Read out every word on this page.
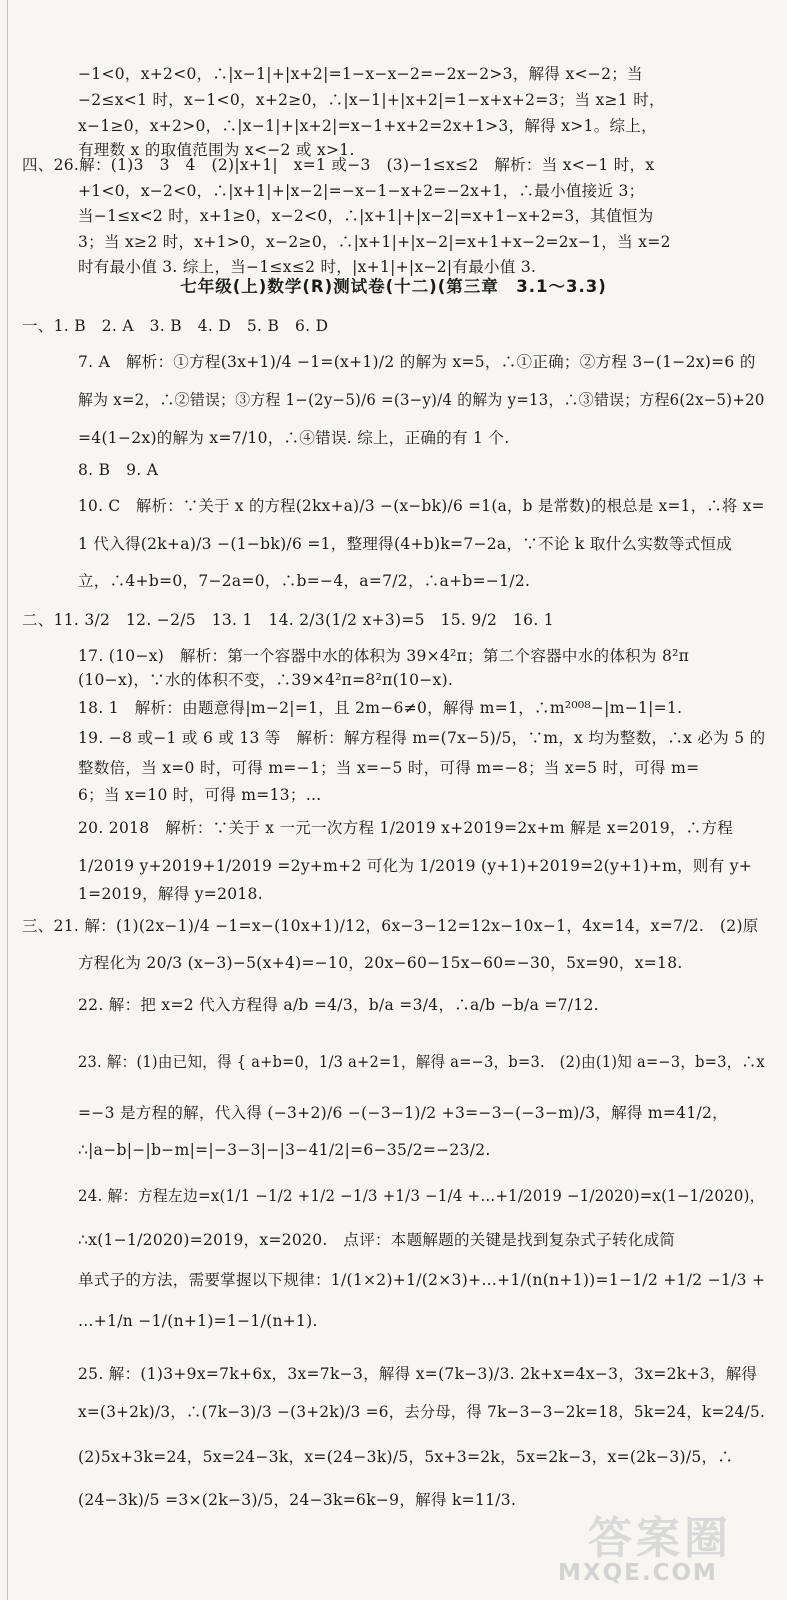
七年级(上)数学(R)测试卷(十二)(第三章　3.1～3.3)
−1<0，x+2<0，∴|x−1|+|x+2|=1−x−x−2=−2x−2>3，解得 x<−2；当
−2≤x<1 时，x−1<0，x+2≥0，∴|x−1|+|x+2|=1−x+x+2=3；当 x≥1 时，
x−1≥0，x+2>0，∴|x−1|+|x+2|=x−1+x+2=2x+1>3，解得 x>1。综上，
有理数 x 的取值范围为 x<−2 或 x>1.
四、26.解：(1)3　3　4　(2)|x+1|　x=1 或−3　(3)−1≤x≤2　解析：当 x<−1 时，x
+1<0，x−2<0，∴|x+1|+|x−2|=−x−1−x+2=−2x+1，∴最小值接近 3；
当−1≤x<2 时，x+1≥0，x−2<0，∴|x+1|+|x−2|=x+1−x+2=3，其值恒为
3；当 x≥2 时，x+1>0，x−2≥0，∴|x+1|+|x−2|=x+1+x−2=2x−1，当 x=2
时有最小值 3. 综上，当−1≤x≤2 时，|x+1|+|x−2|有最小值 3.
一、1. B　2. A　3. B　4. D　5. B　6. D
7. A　解析：①方程(3x+1)/4 −1=(x+1)/2 的解为 x=5，∴①正确；②方程 3−(1−2x)=6 的
解为 x=2，∴②错误；③方程 1−(2y−5)/6 =(3−y)/4 的解为 y=13，∴③错误；方程6(2x−5)+20
=4(1−2x)的解为 x=7/10，∴④错误. 综上，正确的有 1 个.
8. B　9. A
10. C　解析：∵关于 x 的方程(2kx+a)/3 −(x−bk)/6 =1(a，b 是常数)的根总是 x=1，∴将 x=
1 代入得(2k+a)/3 −(1−bk)/6 =1，整理得(4+b)k=7−2a，∵不论 k 取什么实数等式恒成
立，∴4+b=0，7−2a=0，∴b=−4，a=7/2，∴a+b=−1/2.
二、11. 3/2　12. −2/5　13. 1　14. 2/3(1/2 x+3)=5　15. 9/2　16. 1
17. (10−x)　解析：第一个容器中水的体积为 39×4²π；第二个容器中水的体积为 8²π
(10−x)，∵水的体积不变，∴39×4²π=8²π(10−x).
18. 1　解析：由题意得|m−2|=1，且 2m−6≠0，解得 m=1，∴m²⁰⁰⁸−|m−1|=1.
19. −8 或−1 或 6 或 13 等　解析：解方程得 m=(7x−5)/5，∵m，x 均为整数，∴x 必为 5 的
整数倍，当 x=0 时，可得 m=−1；当 x=−5 时，可得 m=−8；当 x=5 时，可得 m=
6；当 x=10 时，可得 m=13；…
20. 2018　解析：∵关于 x 一元一次方程 1/2019 x+2019=2x+m 解是 x=2019，∴方程
1/2019 y+2019+1/2019 =2y+m+2 可化为 1/2019 (y+1)+2019=2(y+1)+m，则有 y+
1=2019，解得 y=2018.
三、21. 解：(1)(2x−1)/4 −1=x−(10x+1)/12，6x−3−12=12x−10x−1，4x=14，x=7/2.　(2)原
方程化为 20/3 (x−3)−5(x+4)=−10，20x−60−15x−60=−30，5x=90，x=18.
22. 解：把 x=2 代入方程得 a/b =4/3，b/a =3/4，∴a/b −b/a =7/12.
23. 解：(1)由已知，得 { a+b=0，1/3 a+2=1，解得 a=−3，b=3.　(2)由(1)知 a=−3，b=3，∴x
=−3 是方程的解，代入得 (−3+2)/6 −(−3−1)/2 +3=−3−(−3−m)/3，解得 m=41/2，
∴|a−b|−|b−m|=|−3−3|−|3−41/2|=6−35/2=−23/2.
24. 解：方程左边=x(1/1 −1/2 +1/2 −1/3 +1/3 −1/4 +…+1/2019 −1/2020)=x(1−1/2020)，
∴x(1−1/2020)=2019，x=2020.　点评：本题解题的关键是找到复杂式子转化成简
单式子的方法，需要掌握以下规律：1/(1×2)+1/(2×3)+…+1/(n(n+1))=1−1/2 +1/2 −1/3 +
…+1/n −1/(n+1)=1−1/(n+1).
25. 解：(1)3+9x=7k+6x，3x=7k−3，解得 x=(7k−3)/3. 2k+x=4x−3，3x=2k+3，解得
x=(3+2k)/3，∴(7k−3)/3 −(3+2k)/3 =6，去分母，得 7k−3−3−2k=18，5k=24，k=24/5.
(2)5x+3k=24，5x=24−3k，x=(24−3k)/5，5x+3=2k，5x=2k−3，x=(2k−3)/5，∴
(24−3k)/5 =3×(2k−3)/5，24−3k=6k−9，解得 k=11/3.
答案圈
MXQE.COM
